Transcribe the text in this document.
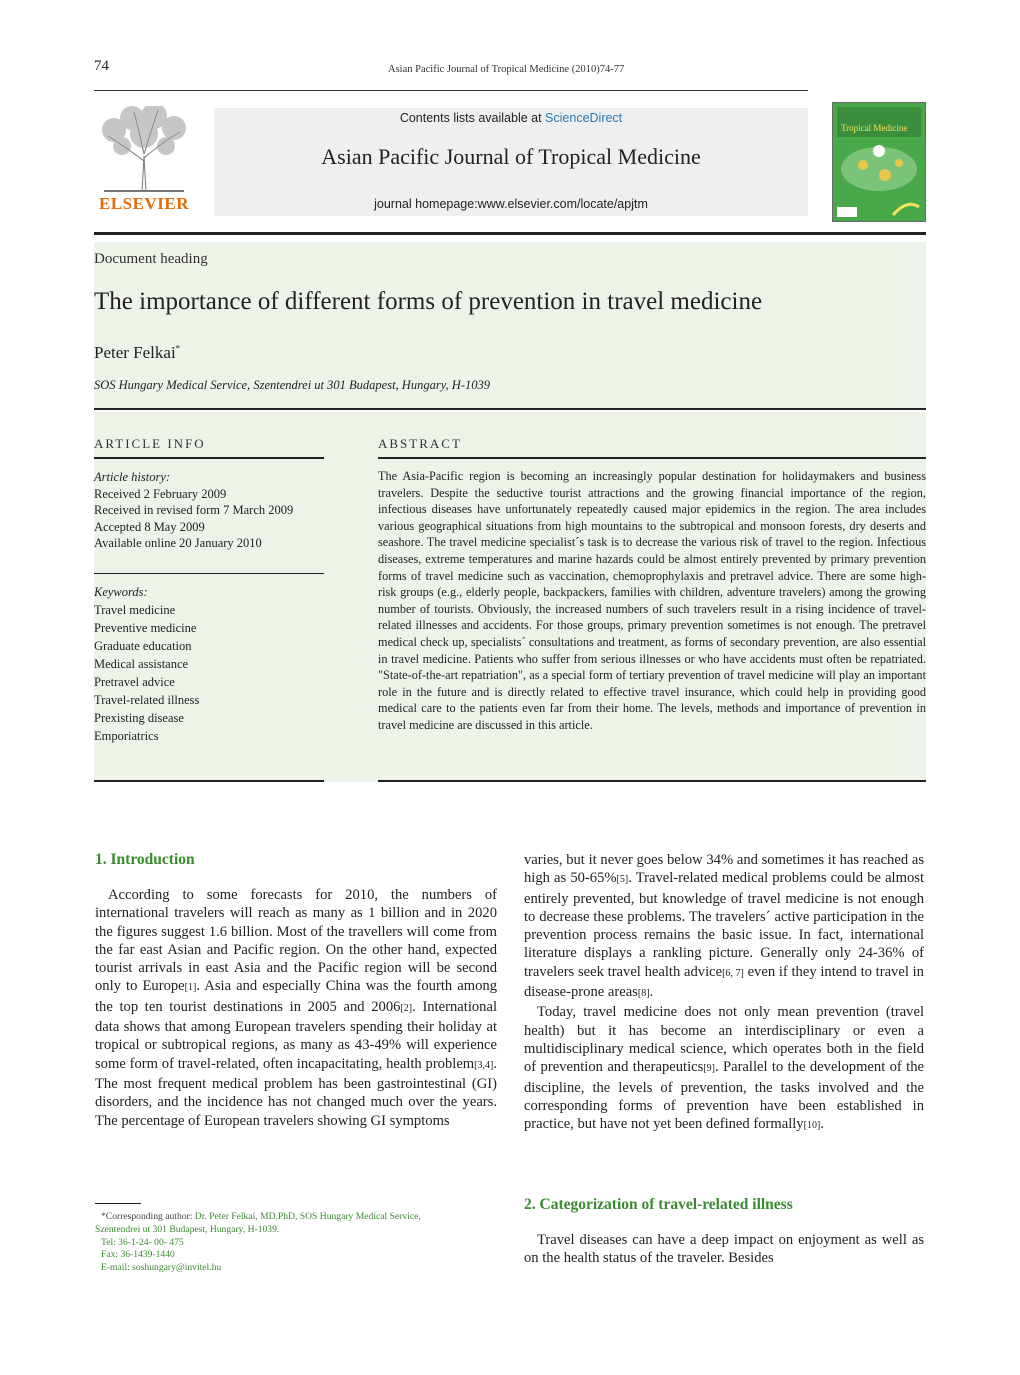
74	Asian Pacific Journal of Tropical Medicine (2010)74-77
ELSEVIER
Contents lists available at ScienceDirect
Asian Pacific Journal of Tropical Medicine
journal homepage:www.elsevier.com/locate/apjtm
Tropical Medicine
Document heading
The importance of different forms of prevention in travel medicine
Peter Felkai*
SOS Hungary Medical Service, Szentendrei ut 301 Budapest, Hungary, H-1039
ARTICLE INFO	ABSTRACT
Article history:
Received 2 February 2009
Received in revised form 7 March 2009
Accepted 8 May 2009
Available online 20 January 2010
Keywords:
Travel medicine
Preventive medicine
Graduate education
Medical assistance
Pretravel advice
Travel-related illness
Prexisting disease
Emporiatrics
The Asia-Pacific region is becoming an increasingly popular destination for holidaymakers and business travelers. Despite the seductive tourist attractions and the growing financial importance of the region, infectious diseases have unfortunately repeatedly caused major epidemics in the region. The area includes various geographical situations from high mountains to the subtropical and monsoon forests, dry deserts and seashore. The travel medicine specialist´s task is to decrease the various risk of travel to the region. Infectious diseases, extreme temperatures and marine hazards could be almost entirely prevented by primary prevention forms of travel medicine such as vaccination, chemoprophylaxis and pretravel advice. There are some high-risk groups (e.g., elderly people, backpackers, families with children, adventure travelers) among the growing number of tourists. Obviously, the increased numbers of such travelers result in a rising incidence of travel-related illnesses and accidents. For those groups, primary prevention sometimes is not enough. The pretravel medical check up, specialists´ consultations and treatment, as forms of secondary prevention, are also essential in travel medicine. Patients who suffer from serious illnesses or who have accidents must often be repatriated. "State-of-the-art repatriation", as a special form of tertiary prevention of travel medicine will play an important role in the future and is directly related to effective travel insurance, which could help in providing good medical care to the patients even far from their home. The levels, methods and importance of prevention in travel medicine are discussed in this article.
1. Introduction

According to some forecasts for 2010, the numbers of international travelers will reach as many as 1 billion and in 2020 the figures suggest 1.6 billion. Most of the travellers will come from the far east Asian and Pacific region. On the other hand, expected tourist arrivals in east Asia and the Pacific region will be second only to Europe[1]. Asia and especially China was the fourth among the top ten tourist destinations in 2005 and 2006[2]. International data shows that among European travelers spending their holiday at tropical or subtropical regions, as many as 43-49% will experience some form of travel-related, often incapacitating, health problem[3,4]. The most frequent medical problem has been gastrointestinal (GI) disorders, and the incidence has not changed much over the years. The percentage of European travelers showing GI symptoms

*Corresponding author: Dr. Peter Felkai, MD.PhD, SOS Hungary Medical Service,
Szentendrei ut 301 Budapest, Hungary, H-1039.
Tel: 36-1-24- 00- 475
Fax: 36-1439-1440
E-mail: soshungary@invitel.hu

varies, but it never goes below 34% and sometimes it has reached as high as 50-65%[5]. Travel-related medical problems could be almost entirely prevented, but knowledge of travel medicine is not enough to decrease these problems. The travelers´ active participation in the prevention process remains the basic issue. In fact, international literature displays a rankling picture. Generally only 24-36% of travelers seek travel health advice[6, 7] even if they intend to travel in disease-prone areas[8].

Today, travel medicine does not only mean prevention (travel health) but it has become an interdisciplinary or even a multidisciplinary medical science, which operates both in the field of prevention and therapeutics[9]. Parallel to the development of the discipline, the levels of prevention, the tasks involved and the corresponding forms of prevention have been established in practice, but have not yet been defined formally[10].

2. Categorization of travel-related illness

Travel diseases can have a deep impact on enjoyment as well as on the health status of the traveler. Besides
